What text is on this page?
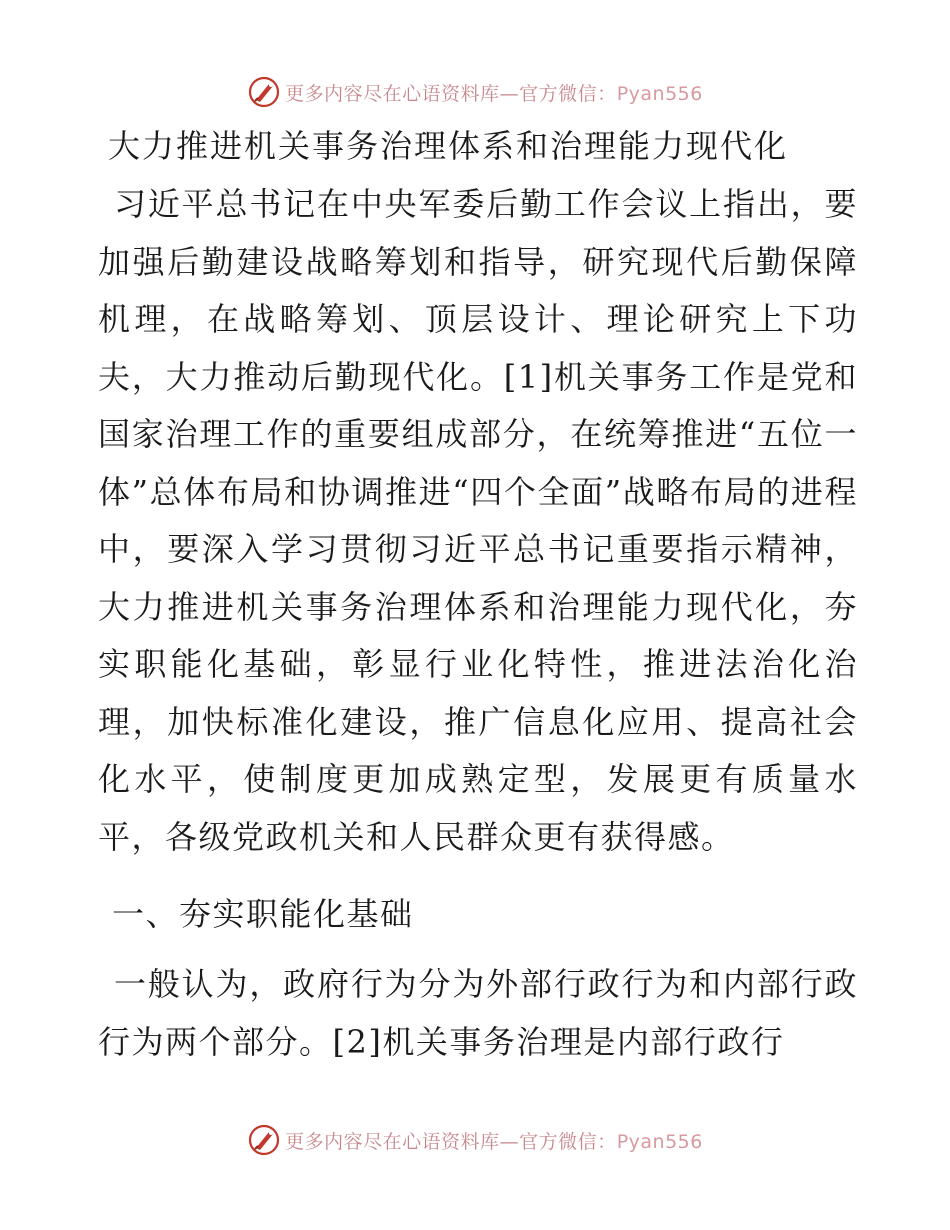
更多内容尽在心语资料库—官方微信：Pyan556
大力推进机关事务治理体系和治理能力现代化

习近平总书记在中央军委后勤工作会议上指出，要加强后勤建设战略筹划和指导，研究现代后勤保障机理，在战略筹划、顶层设计、理论研究上下功夫，大力推动后勤现代化。[1]机关事务工作是党和国家治理工作的重要组成部分，在统筹推进“五位一体”总体布局和协调推进“四个全面”战略布局的进程中，要深入学习贯彻习近平总书记重要指示精神，大力推进机关事务治理体系和治理能力现代化，夯实职能化基础，彰显行业化特性，推进法治化治理，加快标准化建设，推广信息化应用、提高社会化水平，使制度更加成熟定型，发展更有质量水平，各级党政机关和人民群众更有获得感。

一、夯实职能化基础

一般认为，政府行为分为外部行政行为和内部行政行为两个部分。[2]机关事务治理是内部行政行

更多内容尽在心语资料库—官方微信：Pyan556
